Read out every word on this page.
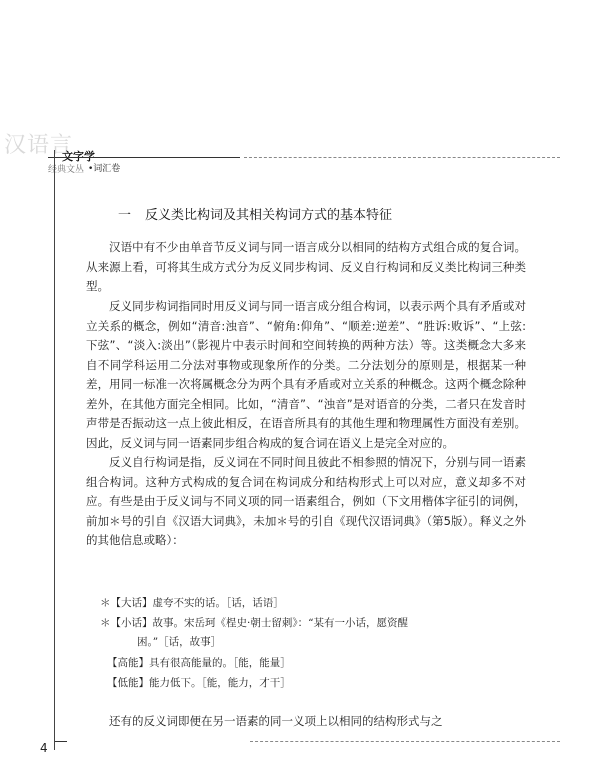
汉语言
文字学
经典文丛 •词汇卷
一 反义类比构词及其相关构词方式的基本特征

汉语中有不少由单音节反义词与同一语言成分以相同的结构方式组合成的复合词。从来源上看，可将其生成方式分为反义同步构词、反义自行构词和反义类比构词三种类型。

反义同步构词指同时用反义词与同一语言成分组合构词，以表示两个具有矛盾或对立关系的概念，例如“清音:浊音”、“俯角:仰角”、“顺差:逆差”、“胜诉:败诉”、“上弦:下弦”、“淡入:淡出”（影视片中表示时间和空间转换的两种方法）等。这类概念大多来自不同学科运用二分法对事物或现象所作的分类。二分法划分的原则是，根据某一种差，用同一标准一次将属概念分为两个具有矛盾或对立关系的种概念。这两个概念除种差外，在其他方面完全相同。比如，“清音”、“浊音”是对语音的分类，二者只在发音时声带是否振动这一点上彼此相反，在语音所具有的其他生理和物理属性方面没有差别。因此，反义词与同一语素同步组合构成的复合词在语义上是完全对应的。

反义自行构词是指，反义词在不同时间且彼此不相参照的情况下，分别与同一语素组合构词。这种方式构成的复合词在构词成分和结构形式上可以对应，意义却多不对应。有些是由于反义词与不同义项的同一语素组合，例如（下文用楷体字征引的词例，前加＊号的引自《汉语大词典》，未加＊号的引自《现代汉语词典》（第5版）。释义之外的其他信息或略）：

＊【大话】虚夸不实的话。［话，话语］

＊【小话】故事。宋岳珂《桯史·朝士留刺》：“某有一小话，愿资醒

困。”［话，故事］

【高能】具有很高能量的。［能，能量］

【低能】能力低下。［能，能力，才干］

还有的反义词即便在另一语素的同一义项上以相同的结构形式与之

4
